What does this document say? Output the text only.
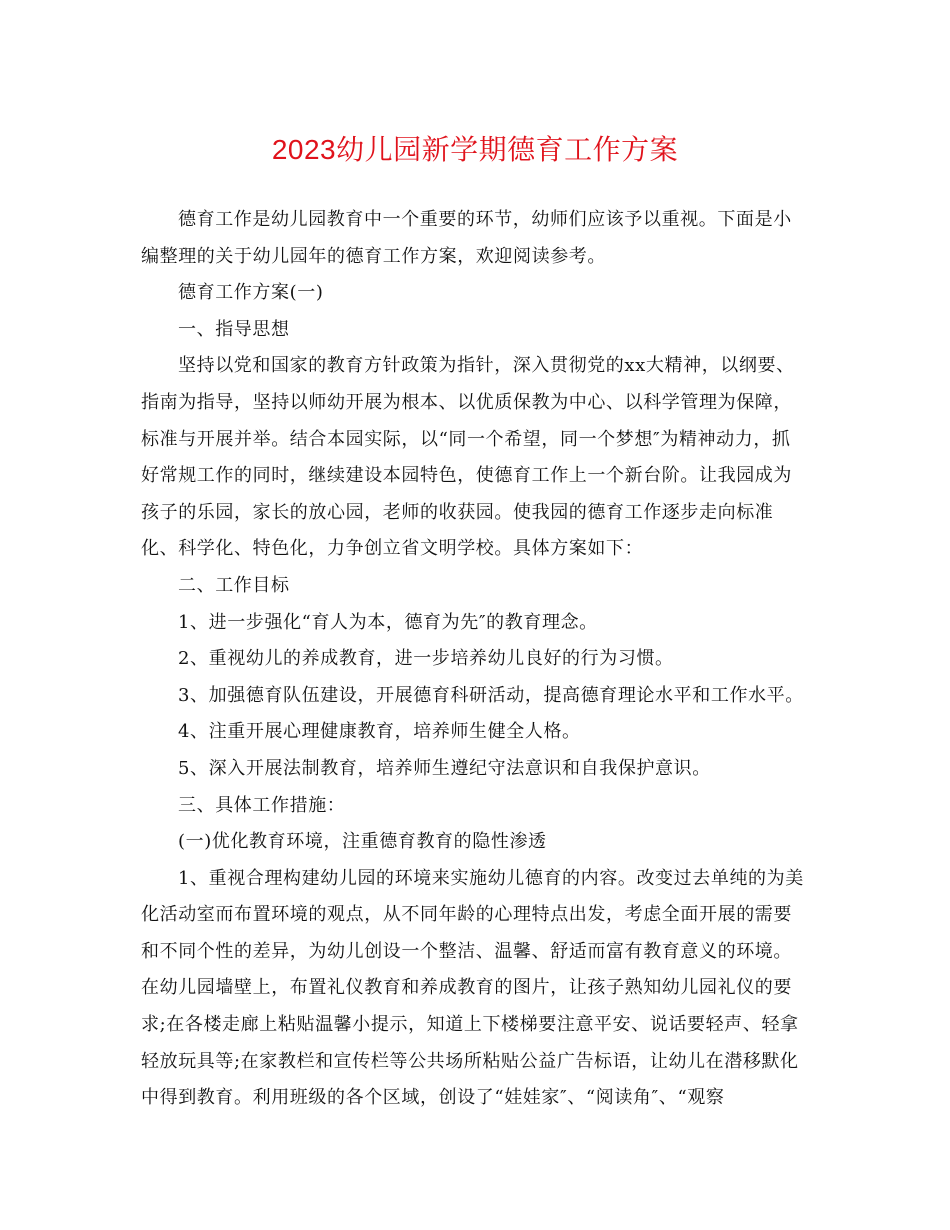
2023幼儿园新学期德育工作方案
德育工作是幼儿园教育中一个重要的环节，幼师们应该予以重视。下面是小
编整理的关于幼儿园年的德育工作方案，欢迎阅读参考。
德育工作方案(一)
一、指导思想
坚持以党和国家的教育方针政策为指针，深入贯彻党的xx大精神，以纲要、
指南为指导，坚持以师幼开展为根本、以优质保教为中心、以科学管理为保障，
标准与开展并举。结合本园实际，以“同一个希望，同一个梦想″为精神动力，抓
好常规工作的同时，继续建设本园特色，使德育工作上一个新台阶。让我园成为
孩子的乐园，家长的放心园，老师的收获园。使我园的德育工作逐步走向标准
化、科学化、特色化，力争创立省文明学校。具体方案如下：
二、工作目标
1、进一步强化“育人为本，德育为先″的教育理念。
2、重视幼儿的养成教育，进一步培养幼儿良好的行为习惯。
3、加强德育队伍建设，开展德育科研活动，提高德育理论水平和工作水平。
4、注重开展心理健康教育，培养师生健全人格。
5、深入开展法制教育，培养师生遵纪守法意识和自我保护意识。
三、具体工作措施：
(一)优化教育环境，注重德育教育的隐性渗透
1、重视合理构建幼儿园的环境来实施幼儿德育的内容。改变过去单纯的为美
化活动室而布置环境的观点，从不同年龄的心理特点出发，考虑全面开展的需要
和不同个性的差异，为幼儿创设一个整洁、温馨、舒适而富有教育意义的环境。
在幼儿园墙壁上，布置礼仪教育和养成教育的图片，让孩子熟知幼儿园礼仪的要
求;在各楼走廊上粘贴温馨小提示，知道上下楼梯要注意平安、说话要轻声、轻拿
轻放玩具等;在家教栏和宣传栏等公共场所粘贴公益广告标语，让幼儿在潜移默化
中得到教育。利用班级的各个区域，创设了“娃娃家″、“阅读角″、“观察
